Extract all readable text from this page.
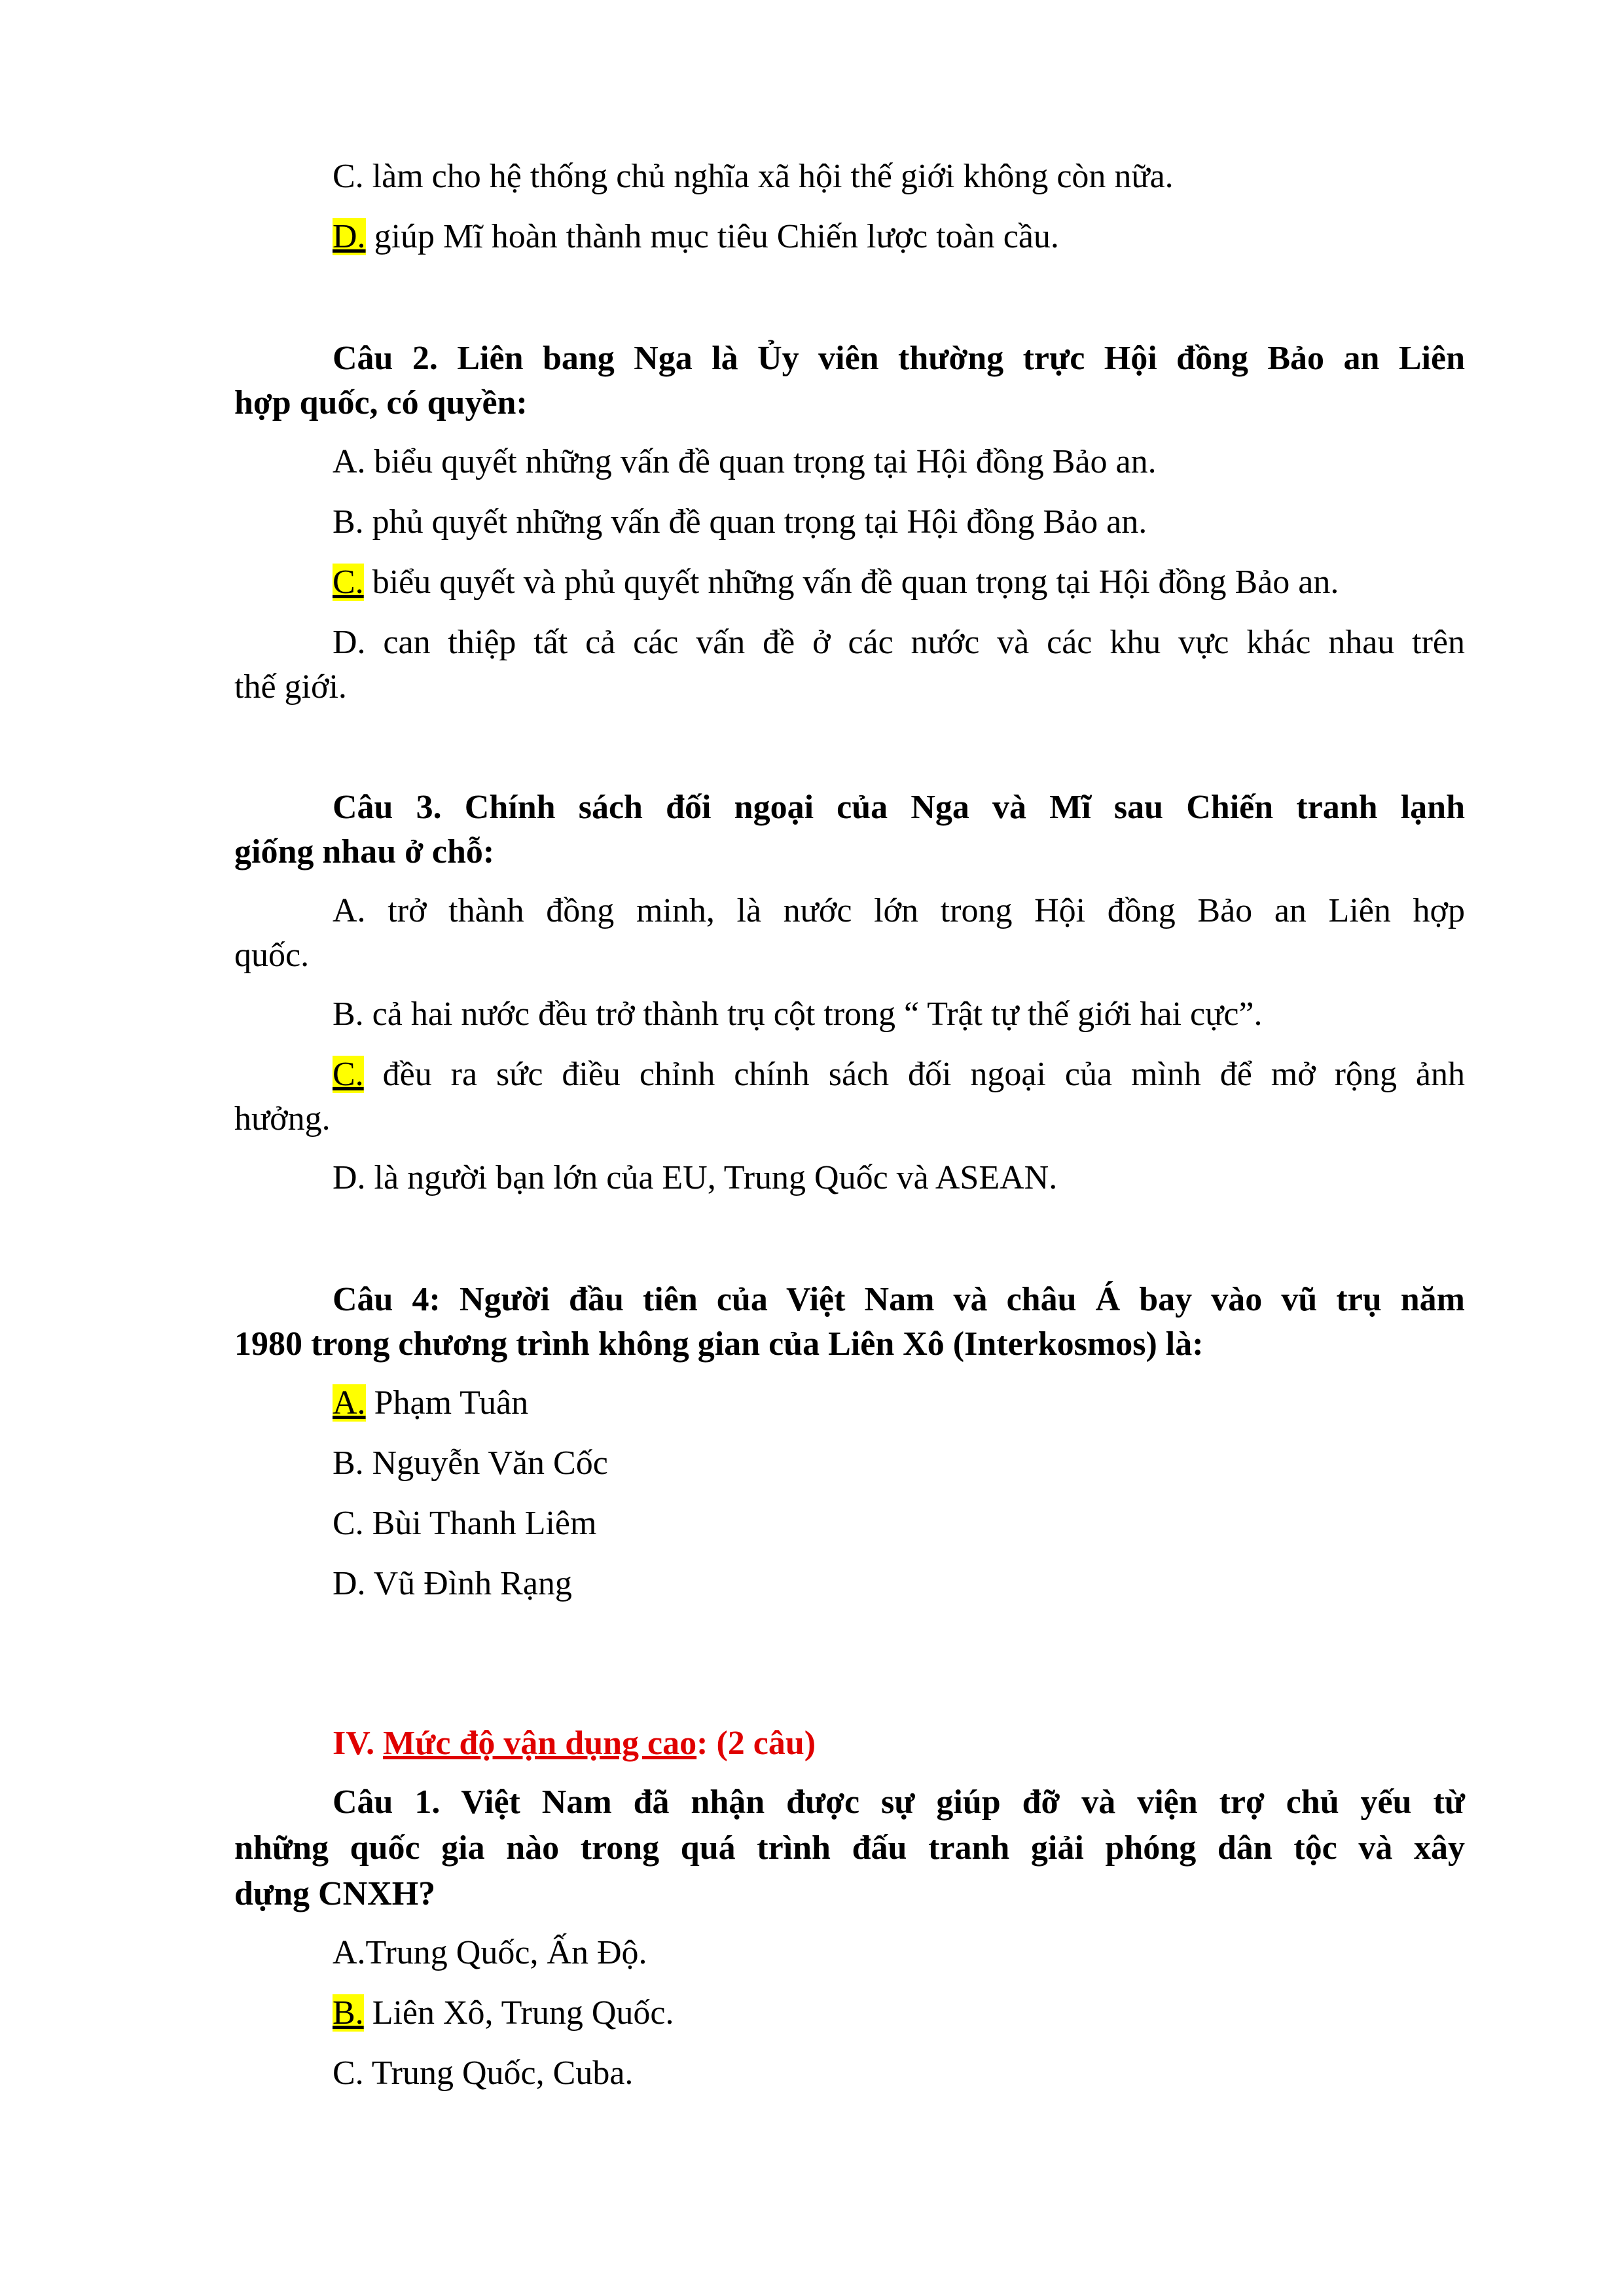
C. làm cho hệ thống chủ nghĩa xã hội thế giới không còn nữa.
D. giúp Mĩ hoàn thành mục tiêu Chiến lược toàn cầu.
Câu 2. Liên bang Nga là Ủy viên thường trực Hội đồng Bảo an Liên
hợp quốc, có quyền:
A. biểu quyết những vấn đề quan trọng tại Hội đồng Bảo an.
B. phủ quyết những vấn đề quan trọng tại Hội đồng Bảo an.
C. biểu quyết và phủ quyết những vấn đề quan trọng tại Hội đồng Bảo an.
D. can thiệp tất cả các vấn đề ở các nước và các khu vực khác nhau trên
thế giới.
Câu 3. Chính sách đối ngoại của Nga và Mĩ sau Chiến tranh lạnh
giống nhau ở chỗ:
A. trở thành đồng minh, là nước lớn trong Hội đồng Bảo an Liên hợp
quốc.
B. cả hai nước đều trở thành trụ cột trong “ Trật tự thế giới hai cực”.
C. đều ra sức điều chỉnh chính sách đối ngoại của mình để mở rộng ảnh
hưởng.
D. là người bạn lớn của EU, Trung Quốc và ASEAN.
Câu 4: Người đầu tiên của Việt Nam và châu Á bay vào vũ trụ năm
1980 trong chương trình không gian của Liên Xô (Interkosmos) là:
A. Phạm Tuân
B. Nguyễn Văn Cốc
C. Bùi Thanh Liêm
D. Vũ Đình Rạng
IV. Mức độ vận dụng cao: (2 câu)
Câu 1. Việt Nam đã nhận được sự giúp đỡ và viện trợ chủ yếu từ
những quốc gia nào trong quá trình đấu tranh giải phóng dân tộc và xây
dựng CNXH?
A.Trung Quốc, Ấn Độ.
B. Liên Xô, Trung Quốc.
C. Trung Quốc, Cuba.
